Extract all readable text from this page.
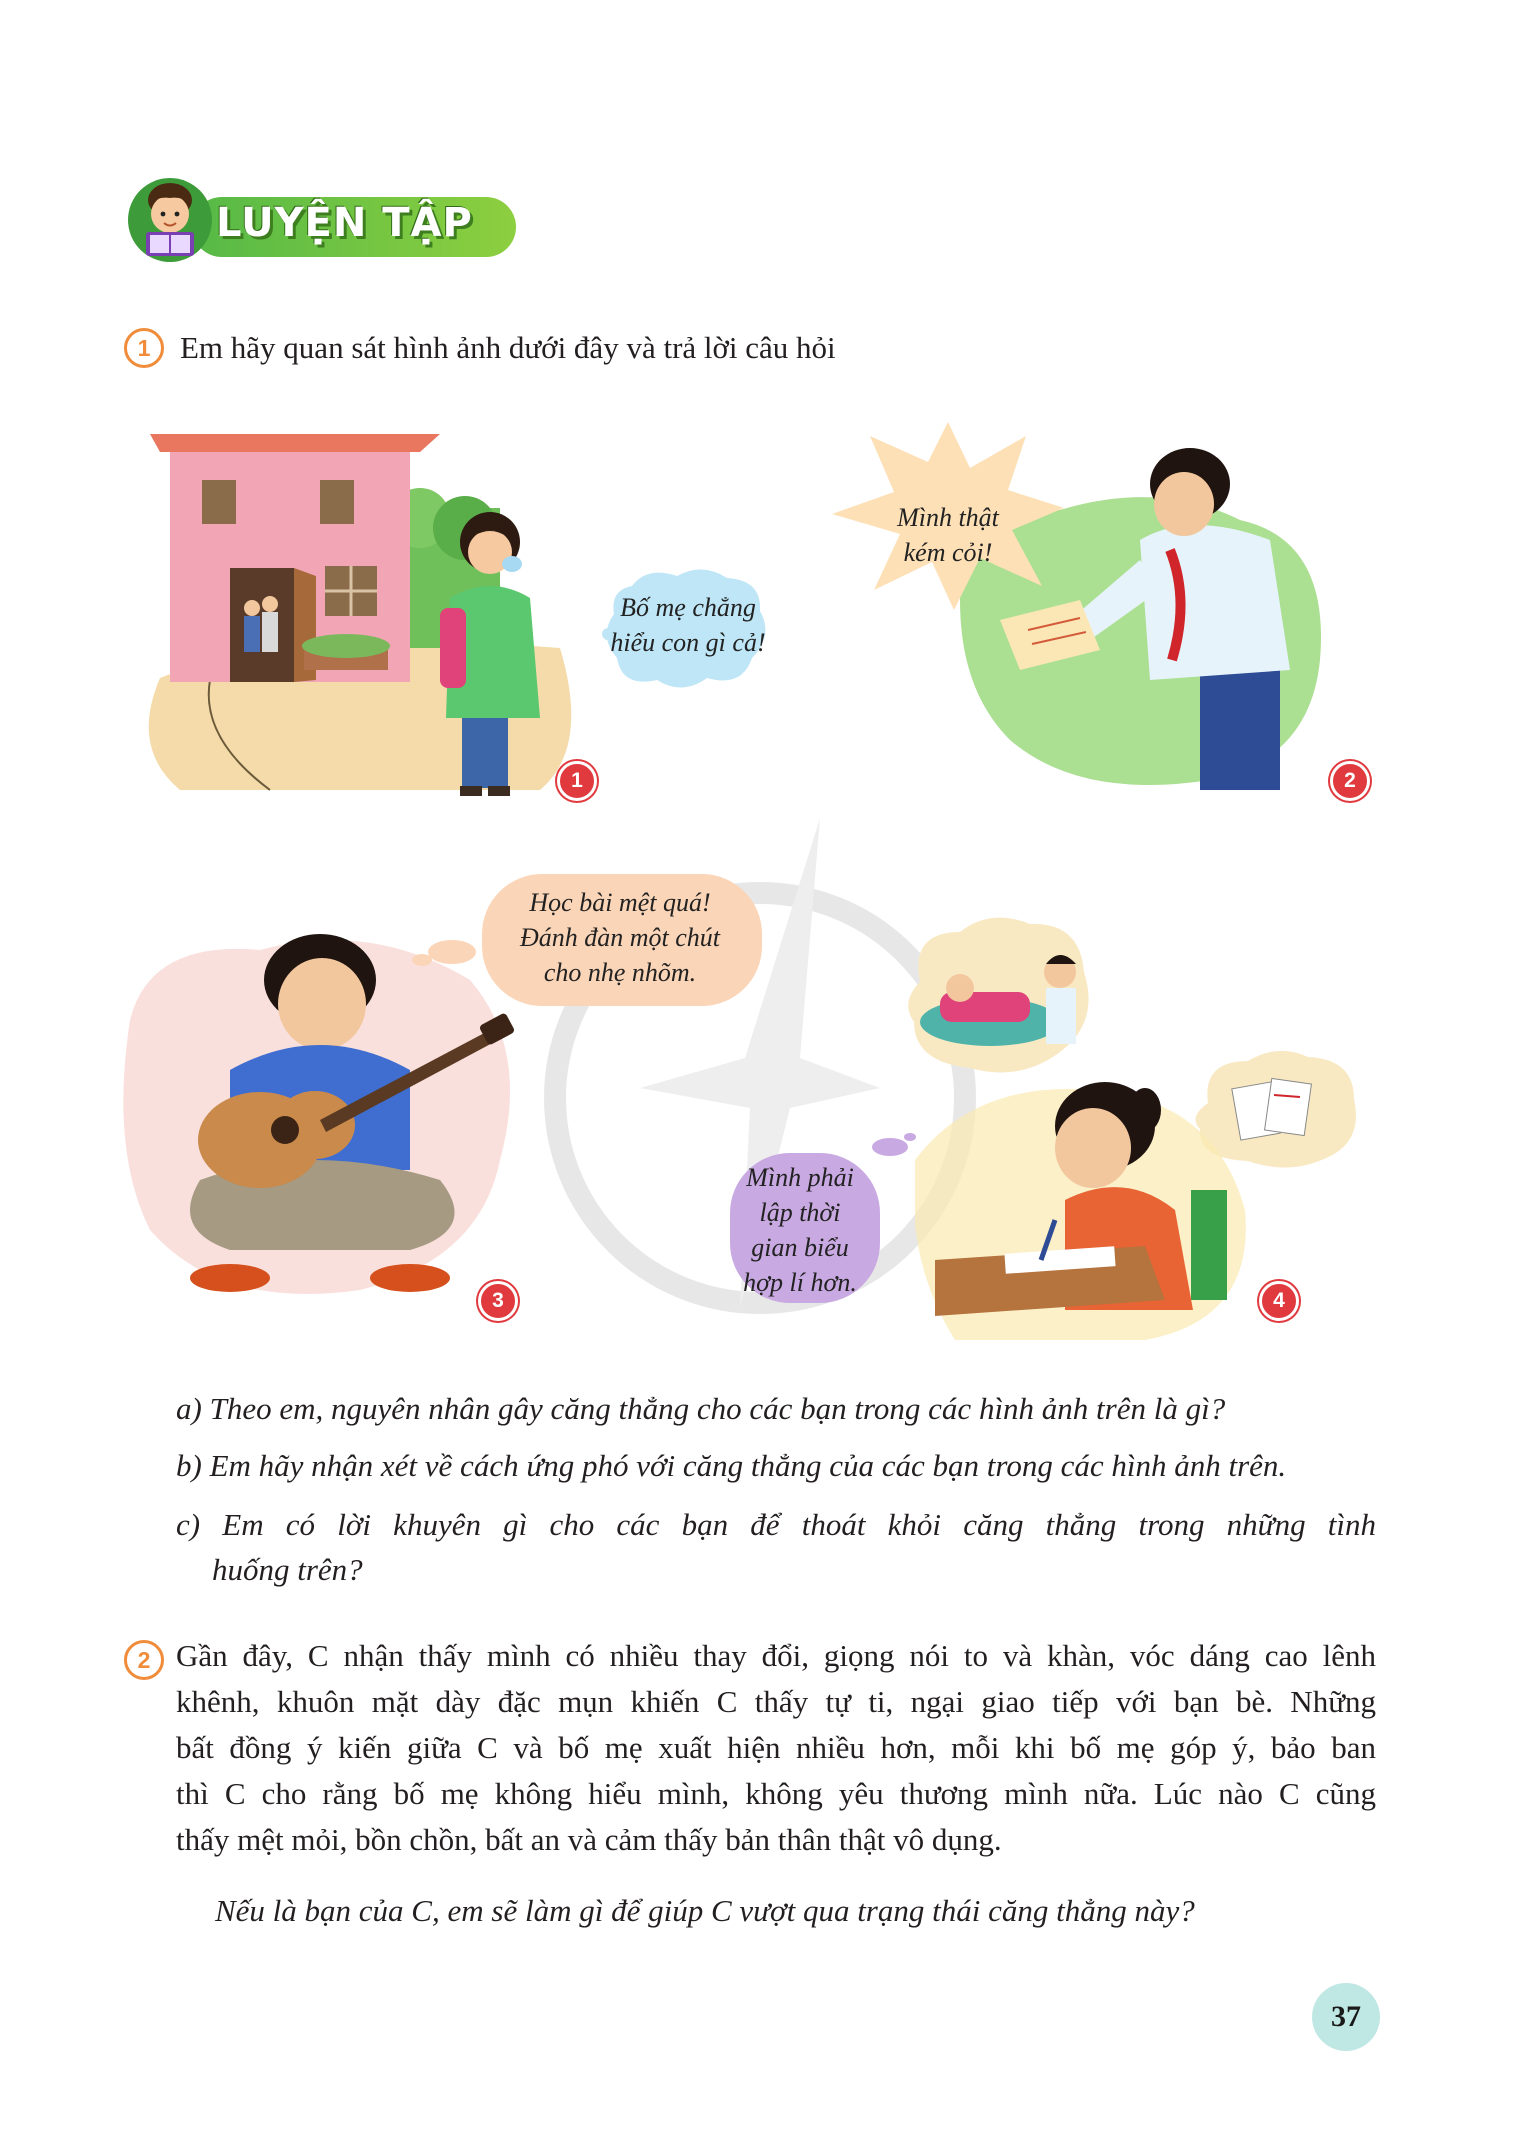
LUYỆN TẬP
1 Em hãy quan sát hình ảnh dưới đây và trả lời câu hỏi
Bố mẹ chẳng
hiểu con gì cả!
1
Mình thật
kém cỏi!
2
Học bài mệt quá!
Đánh đàn một chút
cho nhẹ nhõm.
3
Mình phải
lập thời
gian biểu
hợp lí hơn.
4
a) Theo em, nguyên nhân gây căng thẳng cho các bạn trong các hình ảnh trên là gì?
b) Em hãy nhận xét về cách ứng phó với căng thẳng của các bạn trong các hình ảnh trên.
c) Em có lời khuyên gì cho các bạn để thoát khỏi căng thẳng trong những tình
huống trên?
2 Gần đây, C nhận thấy mình có nhiều thay đổi, giọng nói to và khàn, vóc dáng cao lênh
khênh, khuôn mặt dày đặc mụn khiến C thấy tự ti, ngại giao tiếp với bạn bè. Những
bất đồng ý kiến giữa C và bố mẹ xuất hiện nhiều hơn, mỗi khi bố mẹ góp ý, bảo ban
thì C cho rằng bố mẹ không hiểu mình, không yêu thương mình nữa. Lúc nào C cũng
thấy mệt mỏi, bồn chồn, bất an và cảm thấy bản thân thật vô dụng.
Nếu là bạn của C, em sẽ làm gì để giúp C vượt qua trạng thái căng thẳng này?
37
